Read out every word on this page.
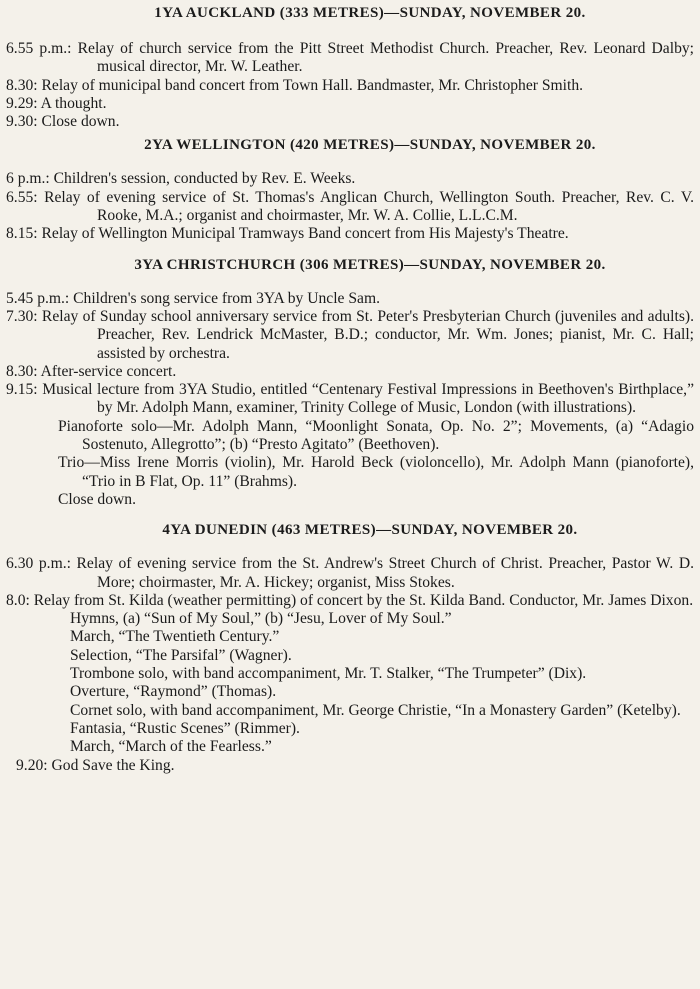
1YA AUCKLAND (333 METRES)—SUNDAY, NOVEMBER 20.
6.55 p.m.: Relay of church service from the Pitt Street Methodist Church. Preacher, Rev. Leonard Dalby; musical director, Mr. W. Leather.
8.30: Relay of municipal band concert from Town Hall. Bandmaster, Mr. Christopher Smith.
9.29: A thought.
9.30: Close down.
2YA WELLINGTON (420 METRES)—SUNDAY, NOVEMBER 20.
6 p.m.: Children's session, conducted by Rev. E. Weeks.
6.55: Relay of evening service of St. Thomas's Anglican Church, Wellington South. Preacher, Rev. C. V. Rooke, M.A.; organist and choirmaster, Mr. W. A. Collie, L.L.C.M.
8.15: Relay of Wellington Municipal Tramways Band concert from His Majesty's Theatre.
3YA CHRISTCHURCH (306 METRES)—SUNDAY, NOVEMBER 20.
5.45 p.m.: Children's song service from 3YA by Uncle Sam.
7.30: Relay of Sunday school anniversary service from St. Peter's Presbyterian Church (juveniles and adults). Preacher, Rev. Lendrick McMaster, B.D.; conductor, Mr. Wm. Jones; pianist, Mr. C. Hall; assisted by orchestra.
8.30: After-service concert.
9.15: Musical lecture from 3YA Studio, entitled “Centenary Festival Impressions in Beethoven's Birthplace,” by Mr. Adolph Mann, examiner, Trinity College of Music, London (with illustrations).
Pianoforte solo—Mr. Adolph Mann, “Moonlight Sonata, Op. No. 2”; Movements, (a) “Adagio Sostenuto, Allegrotto”; (b) “Presto Agitato” (Beethoven).
Trio—Miss Irene Morris (violin), Mr. Harold Beck (violoncello), Mr. Adolph Mann (pianoforte), “Trio in B Flat, Op. 11” (Brahms).
Close down.
4YA DUNEDIN (463 METRES)—SUNDAY, NOVEMBER 20.
6.30 p.m.: Relay of evening service from the St. Andrew's Street Church of Christ. Preacher, Pastor W. D. More; choirmaster, Mr. A. Hickey; organist, Miss Stokes.
8.0: Relay from St. Kilda (weather permitting) of concert by the St. Kilda Band. Conductor, Mr. James Dixon.
Hymns, (a) “Sun of My Soul,” (b) “Jesu, Lover of My Soul.”
March, “The Twentieth Century.”
Selection, “The Parsifal” (Wagner).
Trombone solo, with band accompaniment, Mr. T. Stalker, “The Trumpeter” (Dix).
Overture, “Raymond” (Thomas).
Cornet solo, with band accompaniment, Mr. George Christie, “In a Monastery Garden” (Ketelby).
Fantasia, “Rustic Scenes” (Rimmer).
March, “March of the Fearless.”
9.20: God Save the King.
